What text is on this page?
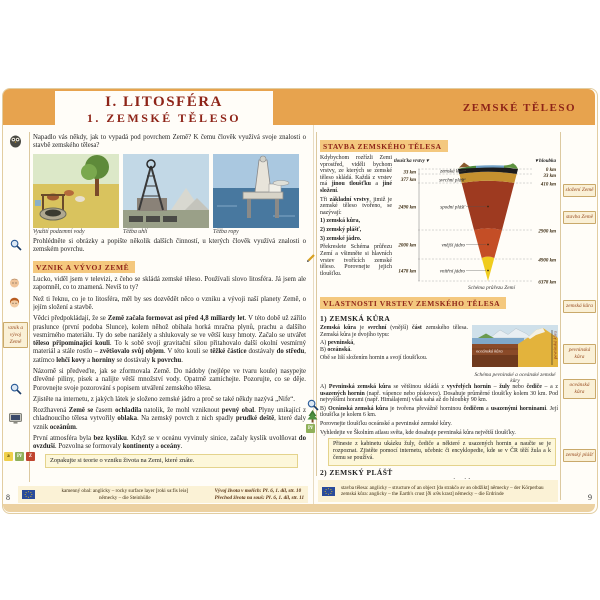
I. LITOSFÉRA
1. ZEMSKÉ TĚLESO
ZEMSKÉ TĚLESO
Napadlo vás někdy, jak to vypadá pod povrchem Země? K čemu člověk využívá svoje znalosti o stavbě zemského tělesa?
Využití podzemní vody	Těžba uhlí	Těžba ropy
Prohlédněte si obrázky a popište několik dalších činností, u kterých člověk využívá znalosti o zemském povrchu.
VZNIK A VÝVOJ ZEMĚ
Lucko, viděl jsem v televizi, z čeho se skládá zemské těleso. Používali slovo litosféra. Já jsem ale zapomněl, co to znamená. Nevíš to ty?
Než ti řeknu, co je to litosféra, měl by ses dozvědět něco o vzniku a vývoji naší planety Země, o jejím složení a stavbě.
Vědci předpokládají, že se Země začala formovat asi před 4,8 miliardy let. V této době už zářilo praslunce (první podoba Slunce), kolem něhož obíhala horká mračna plynů, prachu a dalšího vesmírného materiálu. Ty do sebe narážely a shlukovaly se ve větší kusy hmoty. Začalo se utvářet těleso připomínající kouli. To k sobě svojí gravitační silou přitahovalo další okolní vesmírný materiál a stále rostlo – zvětšovalo svůj objem. V této kouli se těžké částice dostávaly do středu, zatímco lehčí kovy a horniny se dostávaly k povrchu.
Názorně si předveďte, jak se zformovala Země. Do nádoby (nejlépe ve tvaru koule) nasypejte dřevěné piliny, písek a nalijte větší množství vody. Opatrně zamíchejte. Pozorujte, co se děje. Porovnejte svoje pozorování s popisem utváření zemského tělesa.
Zjistěte na internetu, z jakých látek je složeno zemské jádro a proč se také někdy nazývá „Nife“.
Rozžhavená Země se časem ochladila natolik, že mohl vzniknout pevný obal. Plyny unikající z chladnoucího tělesa vytvořily oblaka. Na zemský povrch z nich spadly prudké deště, které daly vznik oceánům.
První atmosféra byla bez kyslíku. Když se v oceánu vyvinuly sinice, začaly kyslík uvolňovat do ovzduší. Pozvolna se formovaly kontinenty a oceány.
Zopakujte si teorie o vzniku života na Zemi, které znáte.
vznik a vývoj Země
a	Př	Z
kamenný obal: anglicky – rocky surface layer [roki sə:fis leiə]
německy – die Steinhülle
Vývoj života v mořích: Př. 6, 1. díl, str. 10
Přechod života na souš: Př. 6, 1. díl, str. 11
8
STAVBA ZEMSKÉHO TĚLESA
Kdybychom rozřízli Zemi vprostřed, viděli bychom vrstvy, ze kterých se zemské těleso skládá. Každá z vrstev má jinou tloušťku a jiné složení.
Tři základní vrstvy, jimiž je zemské těleso tvořeno, se nazývají:
1) zemská kůra,
2) zemský plášť,
3) zemské jádro.
Překreslete Schéma průřezu Zemí a všimněte si hlavních vrstev tvořících zemské těleso. Porovnejte jejich tloušťku.
tloušťka vrstvy ▾	▾ hloubka
33 km
377 km
2490 km
2000 km
1478 km
zemská kůra
svrchní plášť
spodní plášť
vnější jádro
vnitřní jádro
0 km
33 km
410 km
2900 km
4900 km
6378 km
Schéma průřezu Zemí
VLASTNOSTI VRSTEV ZEMSKÉHO TĚLESA
1) ZEMSKÁ KŮRA
Zemská kůra je svrchní (vnější) část zemského tělesa. Zemská kůra je dvojího typu:
A) pevninská,
B) oceánská.
Obě se liší složením hornin a svojí tloušťkou.
oceánská kůra	pevninská kůra
Schéma pevninské a oceánské zemské kůry
A) Pevninská zemská kůra se většinou skládá z vyvřelých hornin – žuly nebo čediče – a z usazených hornin (např. vápence nebo pískovce). Dosahuje průměrné tloušťky kolem 30 km. Pod nejvyššími horami (např. Himálajemi) však sahá až do hloubky 90 km.
B) Oceánská zemská kůra je tvořena převážně horninou čedičem a usazenými horninami. Její tloušťka je kolem 6 km.
Porovnejte tloušťku oceánské a pevninské zemské kůry.
Vyhledejte ve Školním atlasu světa, kde dosahuje pevninská kůra největší tloušťky.
Přineste z kabinetu ukázku žuly, čediče a některé z usazených hornin a naučte se je rozpoznat. Zjistěte pomocí internetu, učebnic či encyklopedie, kde se v ČR těží žula a k čemu se používá.
2) ZEMSKÝ PLÁŠŤ
Př
stavba tělesa: anglicky – structure of an object [də strakčə əv ən obdžikt] německy – der Körperbau
zemská kůra: anglicky – the Earth's crust [ði ə:θs krast] německy – die Erdrinde	9
složení Země
stavba Země
zemská kůra
pevninská kůra
oceánská kůra
zemský plášť
